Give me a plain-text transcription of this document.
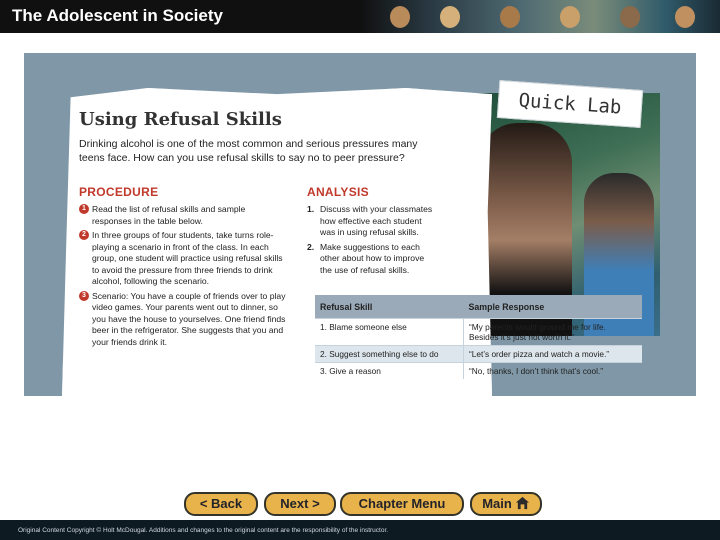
The Adolescent in Society
Quick Lab
Using Refusal Skills
Drinking alcohol is one of the most common and serious pressures many teens face. How can you use refusal skills to say no to peer pressure?
PROCEDURE
1 Read the list of refusal skills and sample responses in the table below.
2 In three groups of four students, take turns role-playing a scenario in front of the class. In each group, one student will practice using refusal skills to avoid the pressure from three friends to drink alcohol, following the scenario.
3 Scenario: You have a couple of friends over to play video games. Your parents went out to dinner, so you have the house to yourselves. One friend finds beer in the refrigerator. She suggests that you and your friends drink it.
ANALYSIS
1. Discuss with your classmates how effective each student was in using refusal skills.
2. Make suggestions to each other about how to improve the use of refusal skills.
Refusal Skill	Sample Response
1. Blame someone else	“My parents would ground me for life. Besides it’s just not worth it.”
2. Suggest something else to do	“Let’s order pizza and watch a movie.”
3. Give a reason	“No, thanks, I don’t think that’s cool.”
< Back	Next >	Chapter Menu	Main
Original Content Copyright © Holt McDougal. Additions and changes to the original content are the responsibility of the instructor.
